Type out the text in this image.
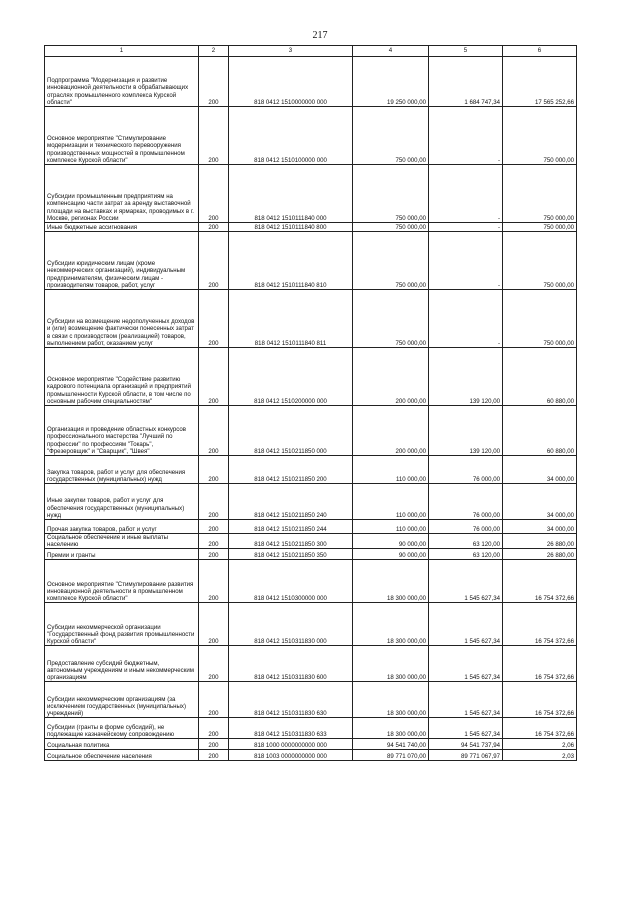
217
1	2	3	4	5	6
Подпрограмма "Модернизация и развитие инновационной деятельности в обрабатывающих отраслях промышленного комплекса Курской области"	200	818 0412 1510000000 000	19 250 000,00	1 684 747,34	17 565 252,66
Основное мероприятие "Стимулирование модернизации и технического перевооружения производственных мощностей в промышленном комплексе Курской области"	200	818 0412 1510100000 000	750 000,00	-	750 000,00
Субсидии промышленным предприятиям на компенсацию части затрат за аренду выставочной площади на выставках и ярмарках, проводимых в г. Москве, регионах России	200	818 0412 1510111840 000	750 000,00	-	750 000,00
Иные бюджетные ассигнования	200	818 0412 1510111840 800	750 000,00	-	750 000,00
Субсидии юридическим лицам (кроме некоммерческих организаций), индивидуальным предпринимателям, физическим лицам - производителям товаров, работ, услуг	200	818 0412 1510111840 810	750 000,00	-	750 000,00
Субсидии на возмещение недополученных доходов и (или) возмещение фактически понесенных затрат в связи с производством (реализацией) товаров, выполнением работ, оказанием услуг	200	818 0412 1510111840 811	750 000,00	-	750 000,00
Основное мероприятие "Содействие развитию кадрового потенциала организаций и предприятий промышленности Курской области, в том числе по основным рабочим специальностям"	200	818 0412 1510200000 000	200 000,00	139 120,00	60 880,00
Организация и проведение областных конкурсов профессионального мастерства "Лучший по профессии" по профессиям "Токарь", "Фрезеровщик" и "Сварщик", "Швея"	200	818 0412 1510211850 000	200 000,00	139 120,00	60 880,00
Закупка товаров, работ и услуг для обеспечения государственных (муниципальных) нужд	200	818 0412 1510211850 200	110 000,00	76 000,00	34 000,00
Иные закупки товаров, работ и услуг для обеспечения государственных (муниципальных) нужд	200	818 0412 1510211850 240	110 000,00	76 000,00	34 000,00
Прочая закупка товаров, работ и услуг	200	818 0412 1510211850 244	110 000,00	76 000,00	34 000,00
Социальное обеспечение и иные выплаты населению	200	818 0412 1510211850 300	90 000,00	63 120,00	26 880,00
Премии и гранты	200	818 0412 1510211850 350	90 000,00	63 120,00	26 880,00
Основное мероприятие "Стимулирование развития инновационной деятельности в промышленном комплексе Курской области"	200	818 0412 1510300000 000	18 300 000,00	1 545 627,34	16 754 372,66
Субсидии некоммерческой организации "Государственный фонд развития промышленности Курской области"	200	818 0412 1510311830 000	18 300 000,00	1 545 627,34	16 754 372,66
Предоставление субсидий бюджетным, автономным учреждениям и иным некоммерческим организациям	200	818 0412 1510311830 600	18 300 000,00	1 545 627,34	16 754 372,66
Субсидии некоммерческим организациям (за исключением государственных (муниципальных) учреждений)	200	818 0412 1510311830 630	18 300 000,00	1 545 627,34	16 754 372,66
Субсидии (гранты в форме субсидий), не подлежащие казначейскому сопровождению	200	818 0412 1510311830 633	18 300 000,00	1 545 627,34	16 754 372,66
Социальная политика	200	818 1000 0000000000 000	94 541 740,00	94 541 737,94	2,06
Социальное обеспечение населения	200	818 1003 0000000000 000	89 771 070,00	89 771 067,97	2,03
